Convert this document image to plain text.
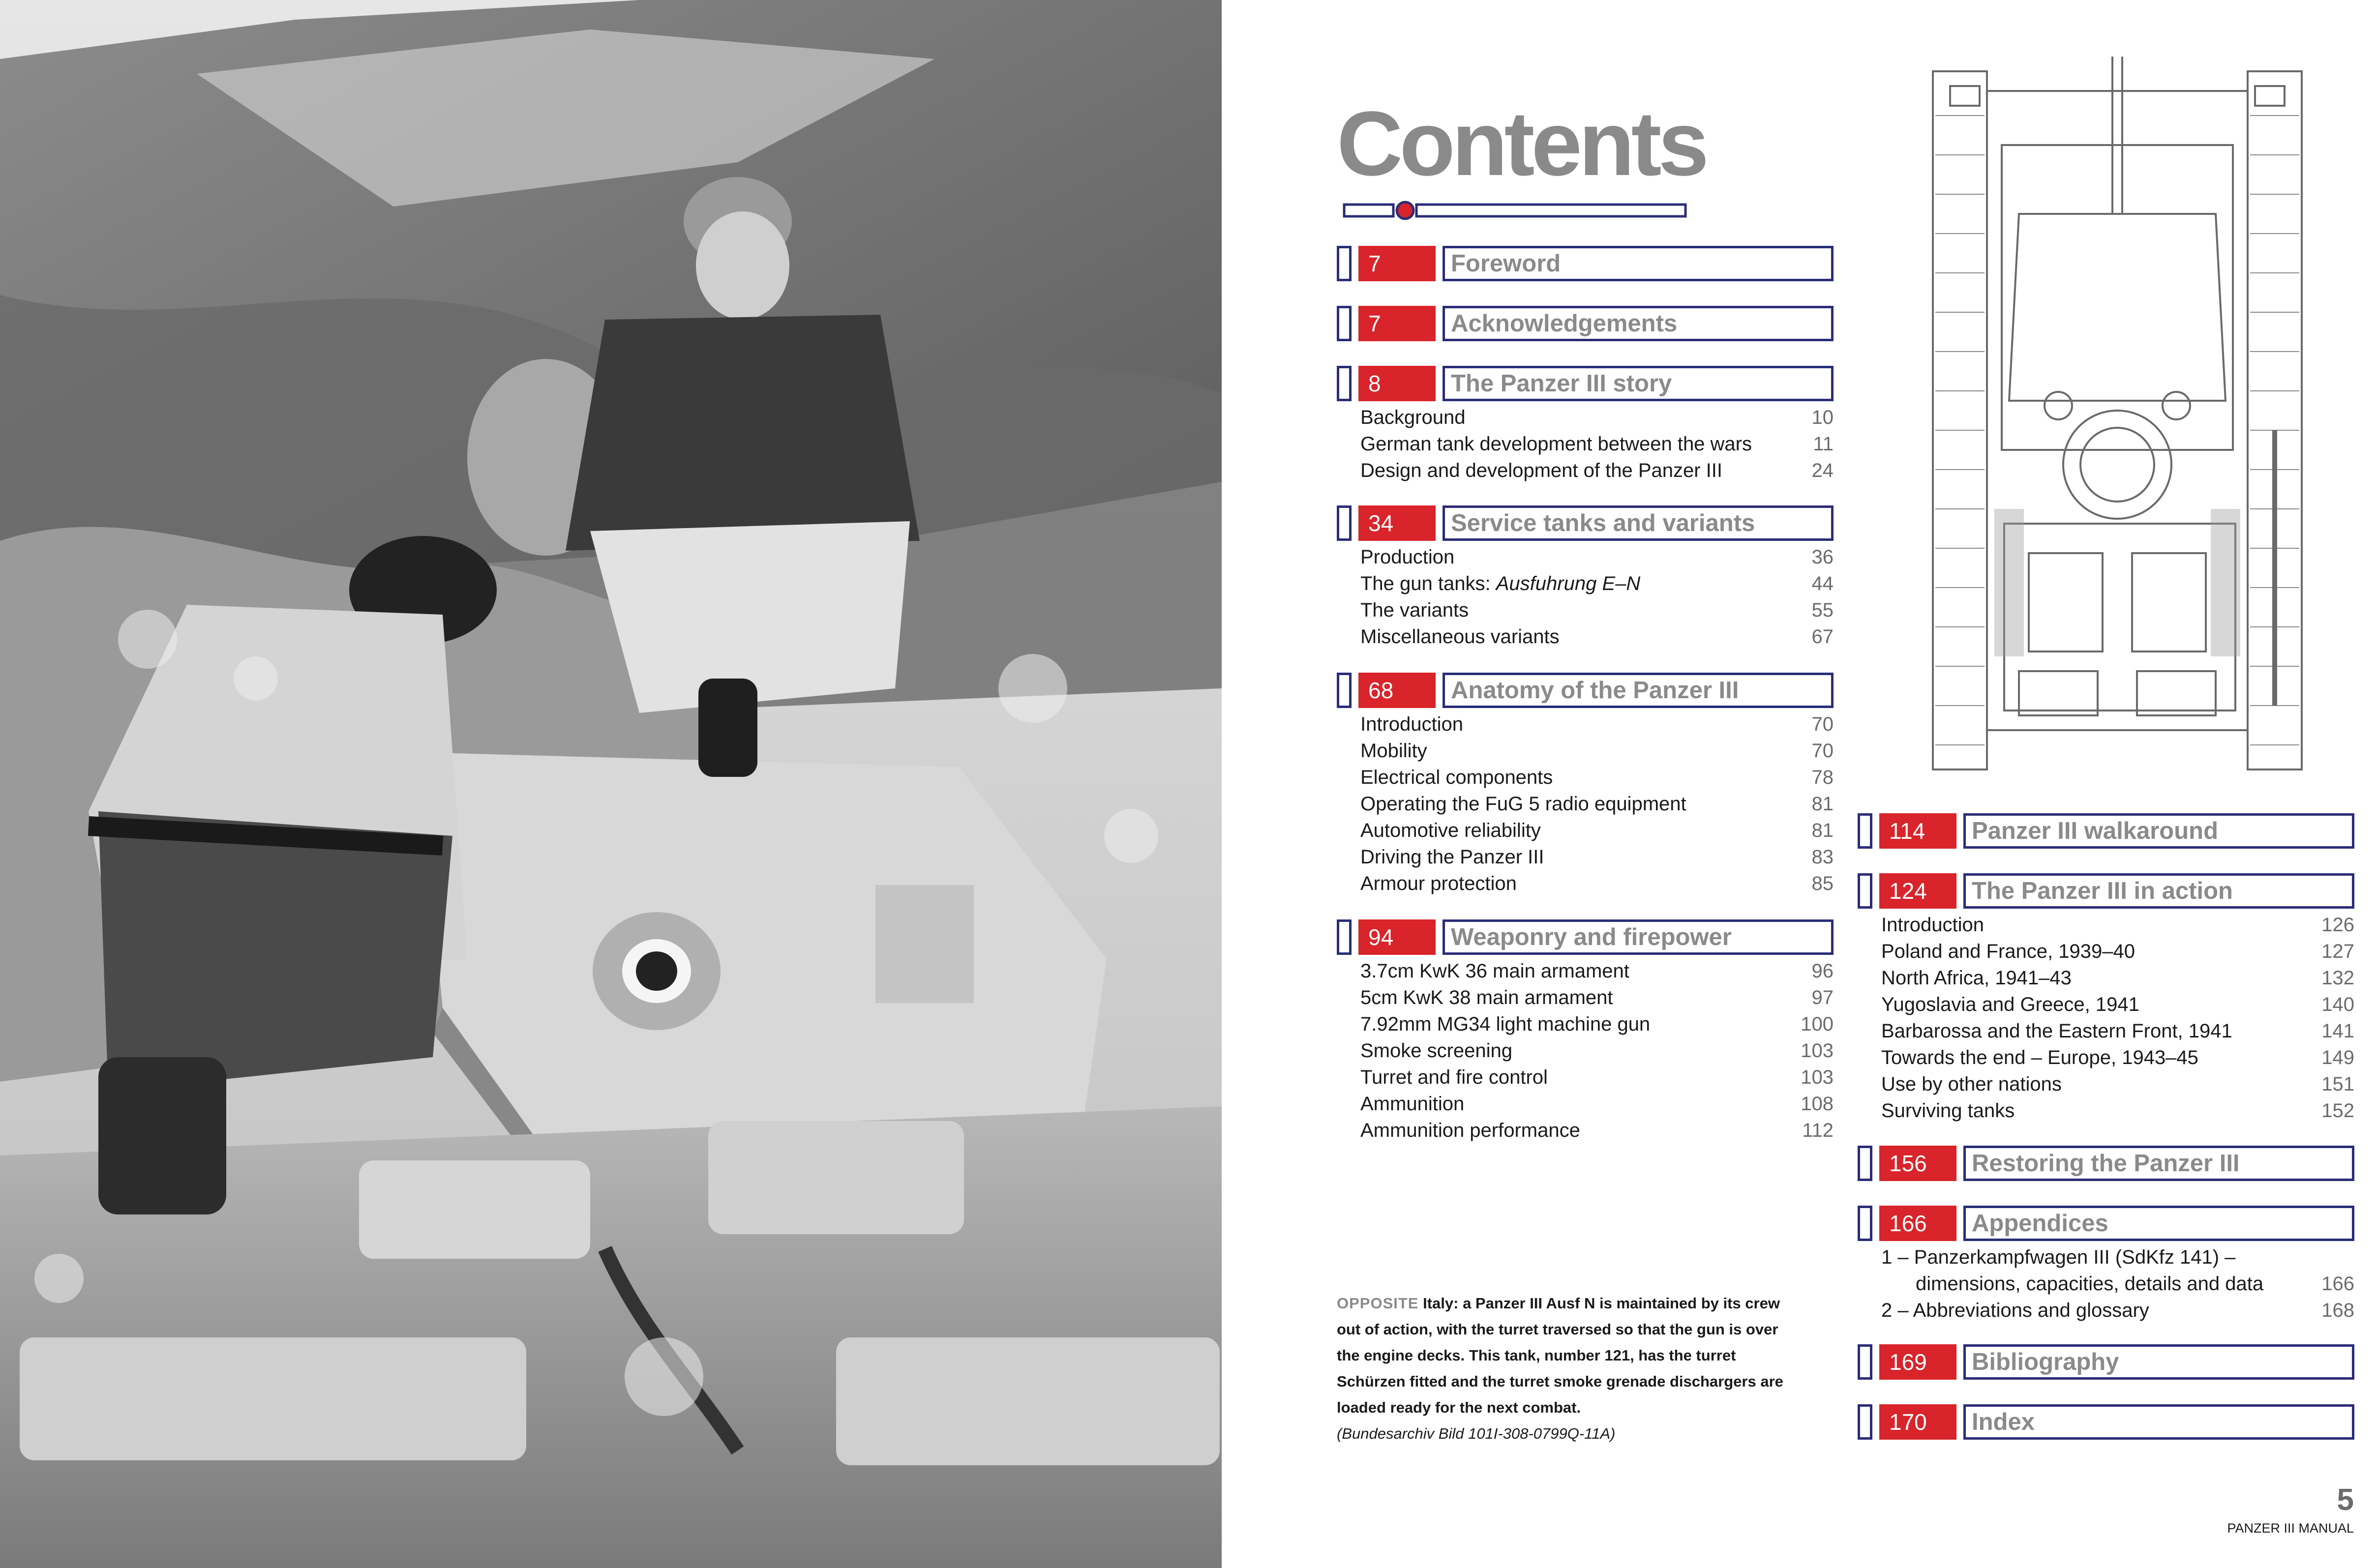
Contents
7	Foreword
7	Acknowledgements
8	The Panzer III story
Background	10
German tank development between the wars	11
Design and development of the Panzer III	24
34	Service tanks and variants
Production	36
The gun tanks: Ausfuhrung E–N	44
The variants	55
Miscellaneous variants	67
68	Anatomy of the Panzer III
Introduction	70
Mobility	70
Electrical components	78
Operating the FuG 5 radio equipment	81
Automotive reliability	81
Driving the Panzer III	83
Armour protection	85
94	Weaponry and firepower
3.7cm KwK 36 main armament	96
5cm KwK 38 main armament	97
7.92mm MG34 light machine gun	100
Smoke screening	103
Turret and fire control	103
Ammunition	108
Ammunition performance	112
114	Panzer III walkaround
124	The Panzer III in action
Introduction	126
Poland and France, 1939–40	127
North Africa, 1941–43	132
Yugoslavia and Greece, 1941	140
Barbarossa and the Eastern Front, 1941	141
Towards the end – Europe, 1943–45	149
Use by other nations	151
Surviving tanks	152
156	Restoring the Panzer III
166	Appendices
1 – Panzerkampfwagen III (SdKfz 141) – dimensions, capacities, details and data	166
2 – Abbreviations and glossary	168
169	Bibliography
170	Index
OPPOSITE Italy: a Panzer III Ausf N is maintained by its crew out of action, with the turret traversed so that the gun is over the engine decks. This tank, number 121, has the turret Schürzen fitted and the turret smoke grenade dischargers are loaded ready for the next combat.
(Bundesarchiv Bild 101I-308-0799Q-11A)
5
PANZER III MANUAL
